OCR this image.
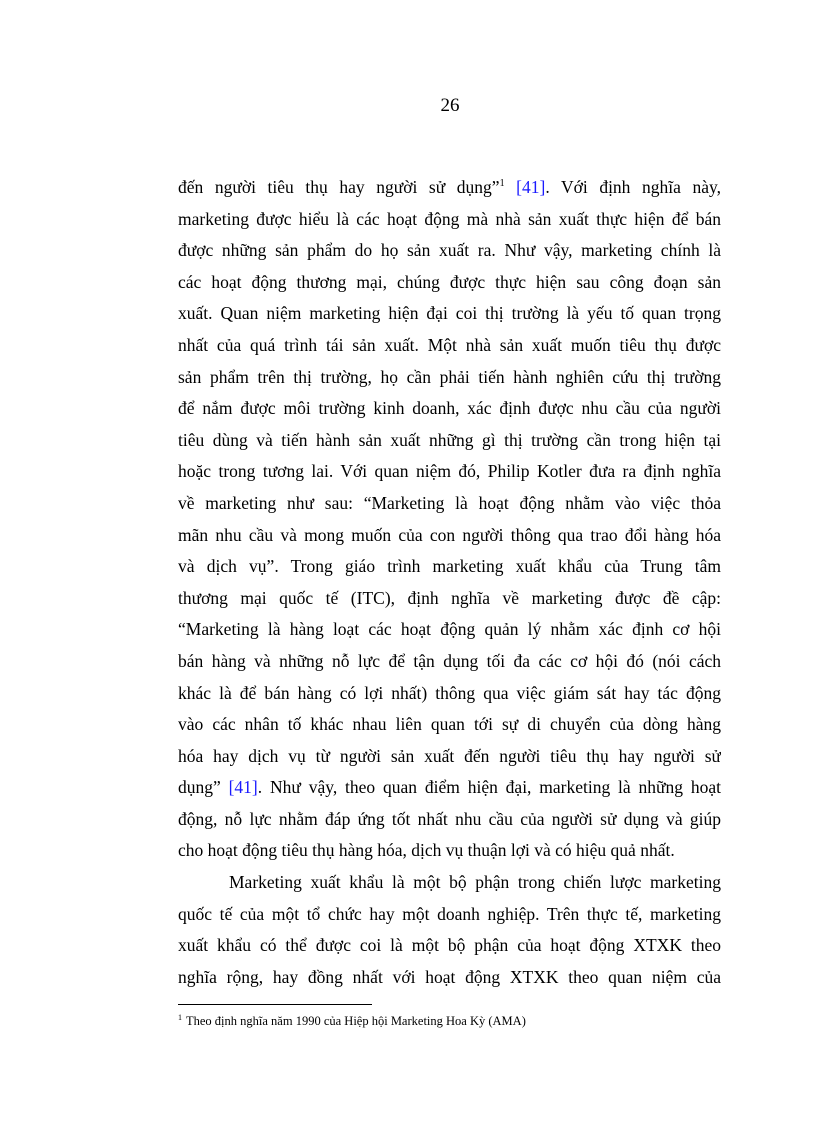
26
đến người tiêu thụ hay người sử dụng”$^1$ [41]. Với định nghĩa này,
marketing được hiểu là các hoạt động mà nhà sản xuất thực hiện để bán
được những sản phẩm do họ sản xuất ra. Như vậy, marketing chính là
các hoạt động thương mại, chúng được thực hiện sau công đoạn sản
xuất. Quan niệm marketing hiện đại coi thị trường là yếu tố quan trọng
nhất của quá trình tái sản xuất. Một nhà sản xuất muốn tiêu thụ được
sản phẩm trên thị trường, họ cần phải tiến hành nghiên cứu thị trường
để nắm được môi trường kinh doanh, xác định được nhu cầu của người
tiêu dùng và tiến hành sản xuất những gì thị trường cần trong hiện tại
hoặc trong tương lai. Với quan niệm đó, Philip Kotler đưa ra định nghĩa
về marketing như sau: “Marketing là hoạt động nhằm vào việc thỏa
mãn nhu cầu và mong muốn của con người thông qua trao đổi hàng hóa
và dịch vụ”. Trong giáo trình marketing xuất khẩu của Trung tâm
thương mại quốc tế (ITC), định nghĩa về marketing được đề cập:
“Marketing là hàng loạt các hoạt động quản lý nhằm xác định cơ hội
bán hàng và những nỗ lực để tận dụng tối đa các cơ hội đó (nói cách
khác là để bán hàng có lợi nhất) thông qua việc giám sát hay tác động
vào các nhân tố khác nhau liên quan tới sự di chuyển của dòng hàng
hóa hay dịch vụ từ người sản xuất đến người tiêu thụ hay người sử
dụng” [41]. Như vậy, theo quan điểm hiện đại, marketing là những hoạt
động, nỗ lực nhằm đáp ứng tốt nhất nhu cầu của người sử dụng và giúp
cho hoạt động tiêu thụ hàng hóa, dịch vụ thuận lợi và có hiệu quả nhất.
Marketing xuất khẩu là một bộ phận trong chiến lược marketing
quốc tế của một tổ chức hay một doanh nghiệp. Trên thực tế, marketing
xuất khẩu có thể được coi là một bộ phận của hoạt động XTXK theo
nghĩa rộng, hay đồng nhất với hoạt động XTXK theo quan niệm của
$^1$ Theo định nghĩa năm 1990 của Hiệp hội Marketing Hoa Kỳ (AMA)
